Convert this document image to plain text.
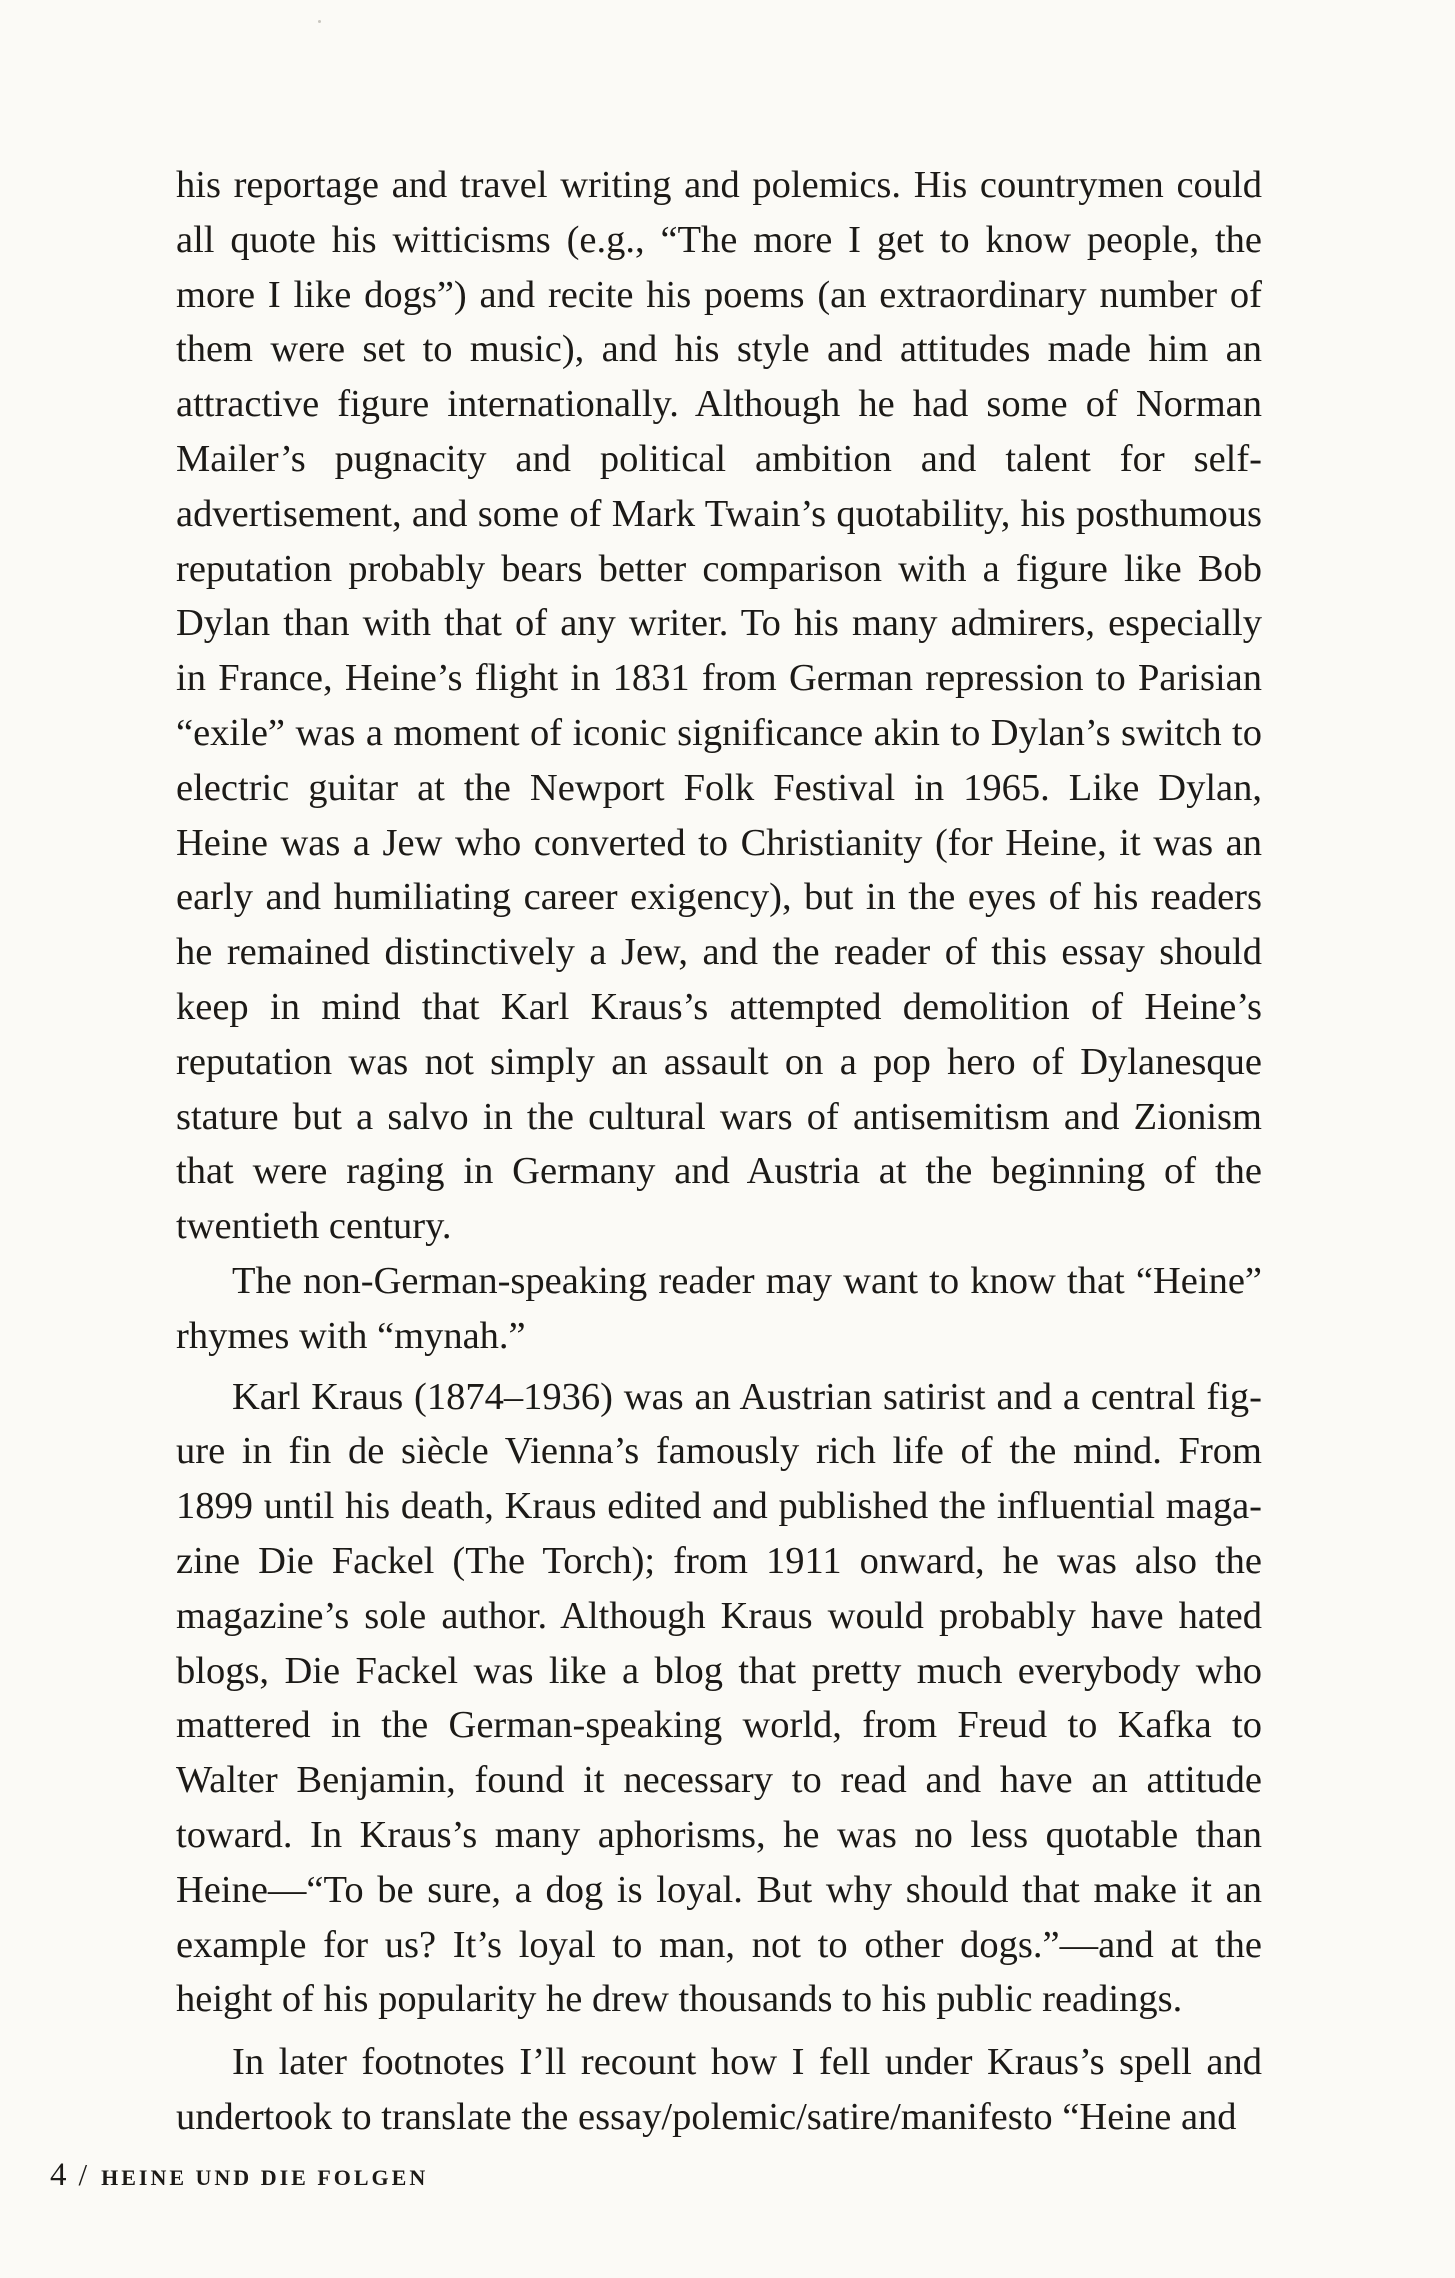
his reportage and travel writing and polemics. His countrymen could all quote his witticisms (e.g., “The more I get to know people, the more I like dogs”) and recite his poems (an extraordinary number of them were set to music), and his style and attitudes made him an attractive figure internationally. Although he had some of Norman Mailer’s pugnacity and political ambition and talent for self-advertisement, and some of Mark Twain’s quotability, his posthumous reputation probably bears better comparison with a figure like Bob Dylan than with that of any writer. To his many admirers, especially in France, Heine’s flight in 1831 from German repression to Parisian “exile” was a moment of iconic significance akin to Dylan’s switch to electric guitar at the Newport Folk Festival in 1965. Like Dylan, Heine was a Jew who converted to Christianity (for Heine, it was an early and humiliating career exigency), but in the eyes of his readers he remained distinctively a Jew, and the reader of this essay should keep in mind that Karl Kraus’s attempted demolition of Heine’s reputation was not simply an assault on a pop hero of Dylanesque stature but a salvo in the cultural wars of antisemitism and Zionism that were raging in Germany and Austria at the beginning of the twentieth century.

The non-German-speaking reader may want to know that “Heine” rhymes with “mynah.”

Karl Kraus (1874–1936) was an Austrian satirist and a central figure in fin de siècle Vienna’s famously rich life of the mind. From 1899 until his death, Kraus edited and published the influential magazine Die Fackel (The Torch); from 1911 onward, he was also the magazine’s sole author. Although Kraus would probably have hated blogs, Die Fackel was like a blog that pretty much everybody who mattered in the German-speaking world, from Freud to Kafka to Walter Benjamin, found it necessary to read and have an attitude toward. In Kraus’s many aphorisms, he was no less quotable than Heine—“To be sure, a dog is loyal. But why should that make it an example for us? It’s loyal to man, not to other dogs.”—and at the height of his popularity he drew thousands to his public readings.

In later footnotes I’ll recount how I fell under Kraus’s spell and undertook to translate the essay/polemic/satire/manifesto “Heine and

4 / HEINE UND DIE FOLGEN
